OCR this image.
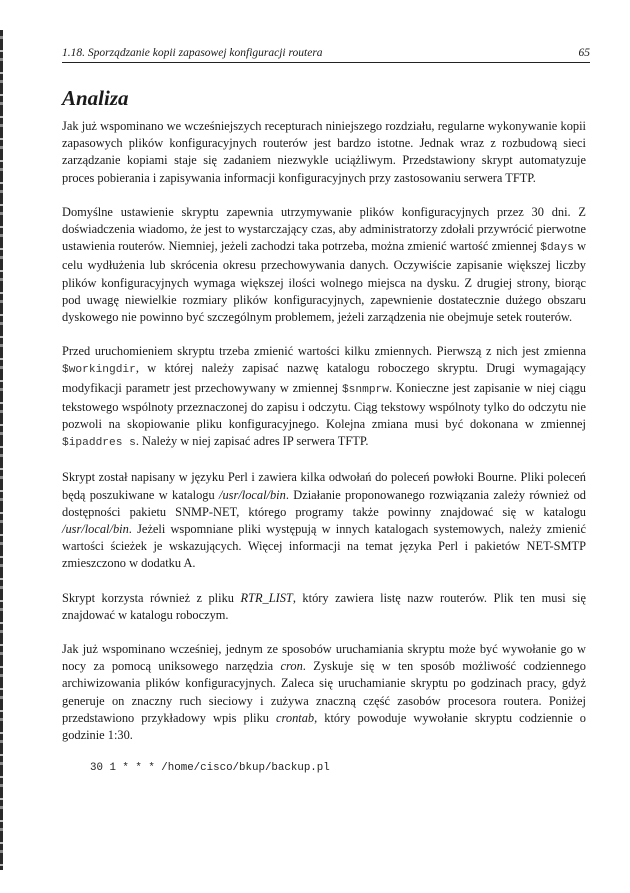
1.18. Sporządzanie kopii zapasowej konfiguracji routera	65
Analiza

Jak już wspominano we wcześniejszych recepturach niniejszego rozdziału, regularne wykonywanie kopii zapasowych plików konfiguracyjnych routerów jest bardzo istotne. Jednak wraz z rozbudową sieci zarządzanie kopiami staje się zadaniem niezwykle uciążliwym. Przedstawiony skrypt automatyzuje proces pobierania i zapisywania informacji konfiguracyjnych przy zastosowaniu serwera TFTP.

Domyślne ustawienie skryptu zapewnia utrzymywanie plików konfiguracyjnych przez 30 dni. Z doświadczenia wiadomo, że jest to wystarczający czas, aby administratorzy zdołali przywrócić pierwotne ustawienia routerów. Niemniej, jeżeli zachodzi taka potrzeba, można zmienić wartość zmiennej $days w celu wydłużenia lub skrócenia okresu przechowywania danych. Oczywiście zapisanie większej liczby plików konfiguracyjnych wymaga większej ilości wolnego miejsca na dysku. Z drugiej strony, biorąc pod uwagę niewielkie rozmiary plików konfiguracyjnych, zapewnienie dostatecznie dużego obszaru dyskowego nie powinno być szczególnym problemem, jeżeli zarządzenia nie obejmuje setek routerów.

Przed uruchomieniem skryptu trzeba zmienić wartości kilku zmiennych. Pierwszą z nich jest zmienna $workingdir, w której należy zapisać nazwę katalogu roboczego skryptu. Drugi wymagający modyfikacji parametr jest przechowywany w zmiennej $snmprw. Konieczne jest zapisanie w niej ciągu tekstowego wspólnoty przeznaczonej do zapisu i odczytu. Ciąg tekstowy wspólnoty tylko do odczytu nie pozwoli na skopiowanie pliku konfiguracyjnego. Kolejna zmiana musi być dokonana w zmiennej $ipaddres s. Należy w niej zapisać adres IP serwera TFTP.

Skrypt został napisany w języku Perl i zawiera kilka odwołań do poleceń powłoki Bourne. Pliki poleceń będą poszukiwane w katalogu /usr/local/bin. Działanie proponowanego rozwiązania zależy również od dostępności pakietu SNMP-NET, którego programy także powinny znajdować się w katalogu /usr/local/bin. Jeżeli wspomniane pliki występują w innych katalogach systemowych, należy zmienić wartości ścieżek je wskazujących. Więcej informacji na temat języka Perl i pakietów NET-SMTP zmieszczono w dodatku A.

Skrypt korzysta również z pliku RTR_LIST, który zawiera listę nazw routerów. Plik ten musi się znajdować w katalogu roboczym.

Jak już wspominano wcześniej, jednym ze sposobów uruchamiania skryptu może być wywołanie go w nocy za pomocą uniksowego narzędzia cron. Zyskuje się w ten sposób możliwość codziennego archiwizowania plików konfiguracyjnych. Zaleca się uruchamianie skryptu po godzinach pracy, gdyż generuje on znaczny ruch sieciowy i zużywa znaczną część zasobów procesora routera. Poniżej przedstawiono przykładowy wpis pliku crontab, który powoduje wywołanie skryptu codziennie o godzinie 1:30.

30 1 * * * /home/cisco/bkup/backup.pl
